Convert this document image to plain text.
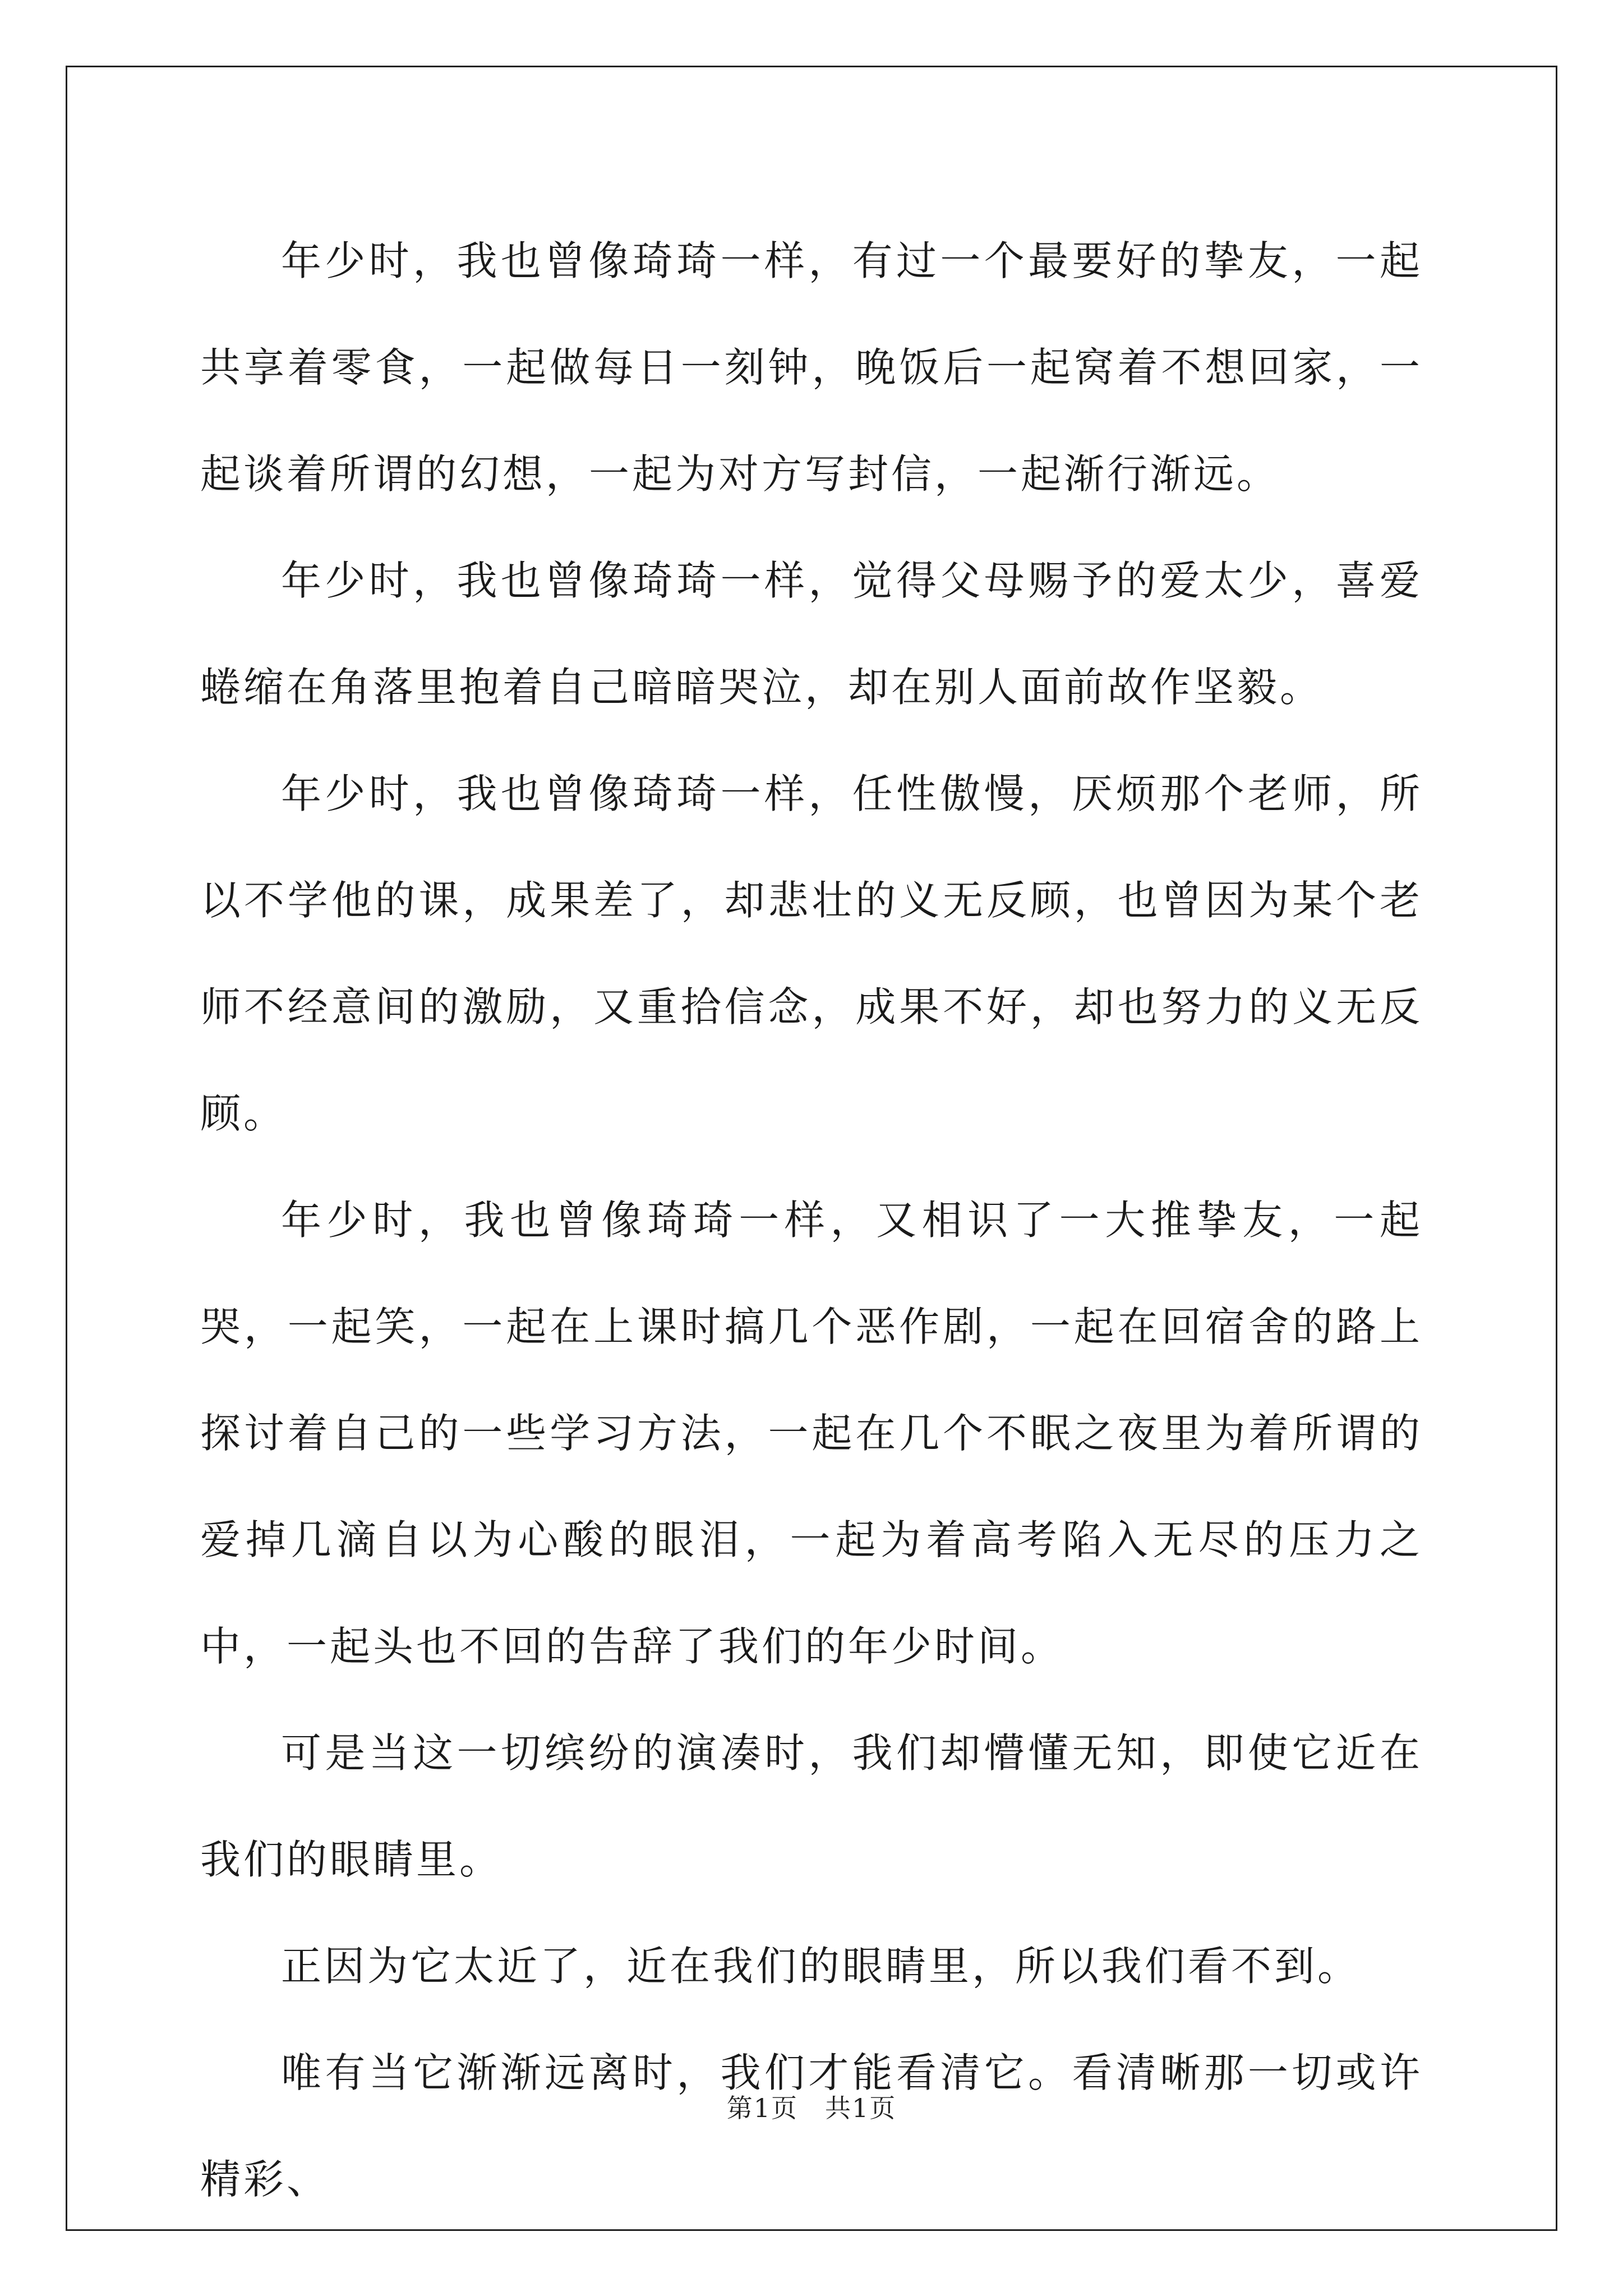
年少时，我也曾像琦琦一样，有过一个最要好的挚友，一起共享着零食，一起做每日一刻钟，晚饭后一起窝着不想回家，一起谈着所谓的幻想，一起为对方写封信，一起渐行渐远。

年少时，我也曾像琦琦一样，觉得父母赐予的爱太少，喜爱蜷缩在角落里抱着自己暗暗哭泣，却在别人面前故作坚毅。

年少时，我也曾像琦琦一样，任性傲慢，厌烦那个老师，所以不学他的课，成果差了，却悲壮的义无反顾，也曾因为某个老师不经意间的激励，又重拾信念，成果不好，却也努力的义无反顾。

年少时，我也曾像琦琦一样，又相识了一大推挚友，一起哭，一起笑，一起在上课时搞几个恶作剧，一起在回宿舍的路上探讨着自己的一些学习方法，一起在几个不眠之夜里为着所谓的爱掉几滴自以为心酸的眼泪，一起为着高考陷入无尽的压力之中，一起头也不回的告辞了我们的年少时间。

可是当这一切缤纷的演凑时，我们却懵懂无知，即使它近在我们的眼睛里。

正因为它太近了，近在我们的眼睛里，所以我们看不到。

唯有当它渐渐远离时，我们才能看清它。看清晰那一切或许精彩、

第1页　共1页
